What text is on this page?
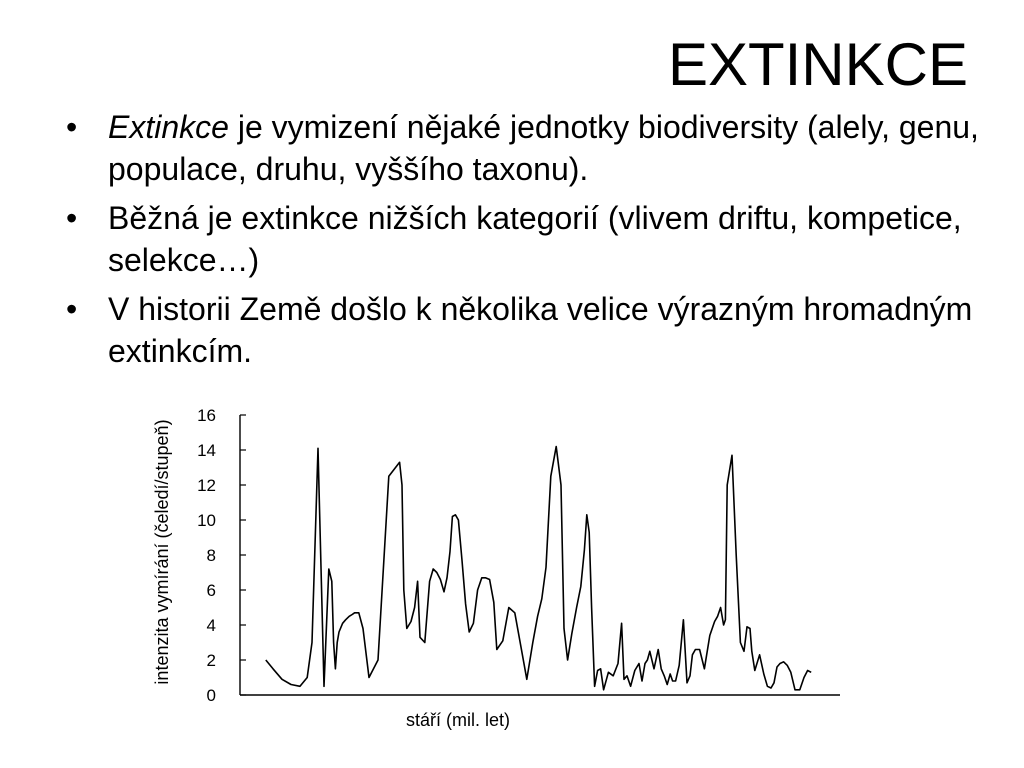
EXTINKCE
• Extinkce je vymizení nějaké jednotky biodiversity (alely, genu, populace, druhu, vyššího taxonu).
• Běžná je extinkce nižších kategorií (vlivem driftu, kompetice, selekce…)
• V historii Země došlo k několika velice výrazným hromadným extinkcím.
0
2
4
6
8
10
12
14
16
stáří (mil. let)
intenzita vymírání (čeledí/stupeň)
